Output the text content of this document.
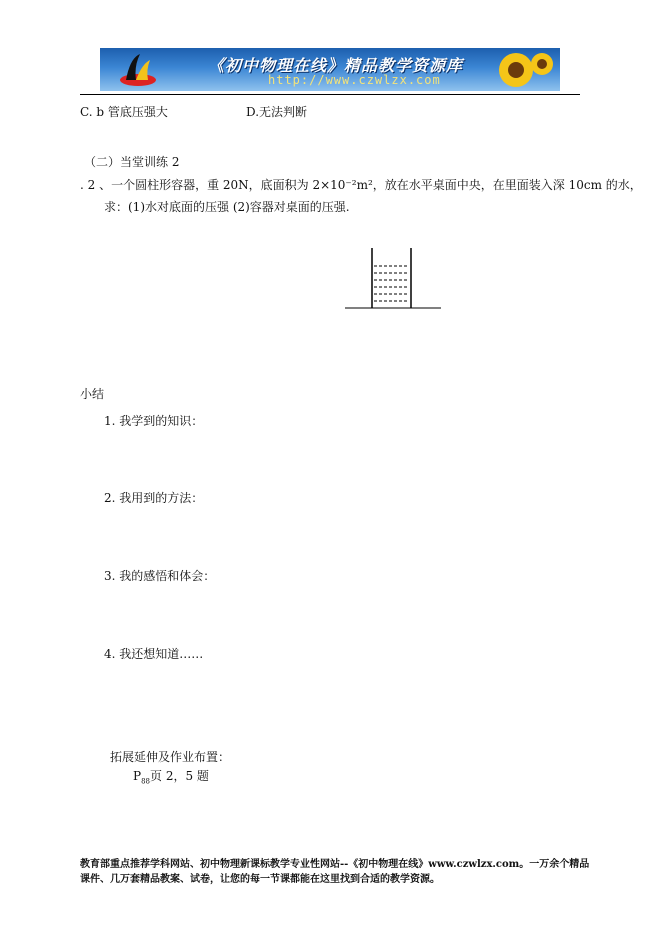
《初中物理在线》精品教学资源库
http://www.czwlzx.com
C. b 管底压强大	D.无法判断
（二）当堂训练 2
. 2 、一个圆柱形容器，重 20N，底面积为 2×10⁻²m²，放在水平桌面中央，在里面装入深 10cm 的水，
求：(1)水对底面的压强 (2)容器对桌面的压强.
小结
1. 我学到的知识：
2. 我用到的方法：
3. 我的感悟和体会：
4. 我还想知道……
拓展延伸及作业布置：
$P_{88}$页 2，5 题
教育部重点推荐学科网站、初中物理新课标教学专业性网站--《初中物理在线》www.czwlzx.com。一万余个精品
课件、几万套精品教案、试卷，让您的每一节课都能在这里找到合适的教学资源。
